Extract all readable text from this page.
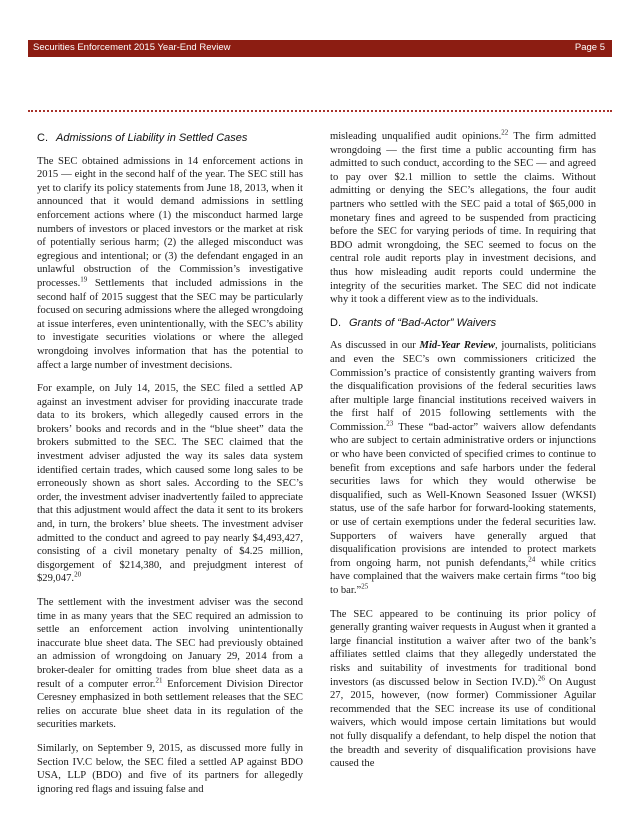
Securities Enforcement 2015 Year-End Review	Page 5
C. Admissions of Liability in Settled Cases

The SEC obtained admissions in 14 enforcement actions in 2015 — eight in the second half of the year. The SEC still has yet to clarify its policy statements from June 18, 2013, when it announced that it would demand admissions in settling enforcement actions where (1) the misconduct harmed large numbers of investors or placed investors or the market at risk of potentially serious harm; (2) the alleged misconduct was egregious and intentional; or (3) the defendant engaged in an unlawful obstruction of the Commission’s investigative processes.$^{19}$ Settlements that included admissions in the second half of 2015 suggest that the SEC may be particularly focused on securing admissions where the alleged wrongdoing at issue interferes, even unintentionally, with the SEC’s ability to investigate securities violations or where the alleged wrongdoing involves information that has the potential to affect a large number of investment decisions.

For example, on July 14, 2015, the SEC filed a settled AP against an investment adviser for providing inaccurate trade data to its brokers, which allegedly caused errors in the brokers’ books and records and in the “blue sheet” data the brokers submitted to the SEC. The SEC claimed that the investment adviser adjusted the way its sales data system identified certain trades, which caused some long sales to be erroneously shown as short sales. According to the SEC’s order, the investment adviser inadvertently failed to appreciate that this adjustment would affect the data it sent to its brokers and, in turn, the brokers’ blue sheets. The investment adviser admitted to the conduct and agreed to pay nearly $4,493,427, consisting of a civil monetary penalty of $4.25 million, disgorgement of $214,380, and prejudgment interest of $29,047.20

The settlement with the investment adviser was the second time in as many years that the SEC required an admission to settle an enforcement action involving unintentionally inaccurate blue sheet data. The SEC had previously obtained an admission of wrongdoing on January 29, 2014 from a broker-dealer for omitting trades from blue sheet data as a result of a computer error.$^{21}$ Enforcement Division Director Ceresney emphasized in both settlement releases that the SEC relies on accurate blue sheet data in its regulation of the securities markets.

Similarly, on September 9, 2015, as discussed more fully in Section IV.C below, the SEC filed a settled AP against BDO USA, LLP (BDO) and five of its partners for allegedly ignoring red flags and issuing false and

misleading unqualified audit opinions.$^{22}$ The firm admitted wrongdoing — the first time a public accounting firm has admitted to such conduct, according to the SEC — and agreed to pay over $2.1 million to settle the claims. Without admitting or denying the SEC’s allegations, the four audit partners who settled with the SEC paid a total of $65,000 in monetary fines and agreed to be suspended from practicing before the SEC for varying periods of time. In requiring that BDO admit wrongdoing, the SEC seemed to focus on the central role audit reports play in investment decisions, and thus how misleading audit reports could undermine the integrity of the securities market. The SEC did not indicate why it took a different view as to the individuals.

D. Grants of “Bad-Actor” Waivers

As discussed in our Mid-Year Review, journalists, politicians and even the SEC’s own commissioners criticized the Commission’s practice of consistently granting waivers from the disqualification provisions of the federal securities laws after multiple large financial institutions received waivers in the first half of 2015 following settlements with the Commission.$^{23}$ These “bad-actor” waivers allow defendants who are subject to certain administrative orders or injunctions or who have been convicted of specified crimes to continue to benefit from exceptions and safe harbors under the federal securities laws for which they would otherwise be disqualified, such as Well-Known Seasoned Issuer (WKSI) status, use of the safe harbor for forward-looking statements, or use of certain exemptions under the federal securities law. Supporters of waivers have generally argued that disqualification provisions are intended to protect markets from ongoing harm, not punish defendants,$^{24}$ while critics have complained that the waivers make certain firms “too big to bar.”$^{25}$

The SEC appeared to be continuing its prior policy of generally granting waiver requests in August when it granted a large financial institution a waiver after two of the bank’s affiliates settled claims that they allegedly understated the risks and suitability of investments for traditional bond investors (as discussed below in Section IV.D).$^{26}$ On August 27, 2015, however, (now former) Commissioner Aguilar recommended that the SEC increase its use of conditional waivers, which would impose certain limitations but would not fully disqualify a defendant, to help dispel the notion that the breadth and severity of disqualification provisions have caused the
